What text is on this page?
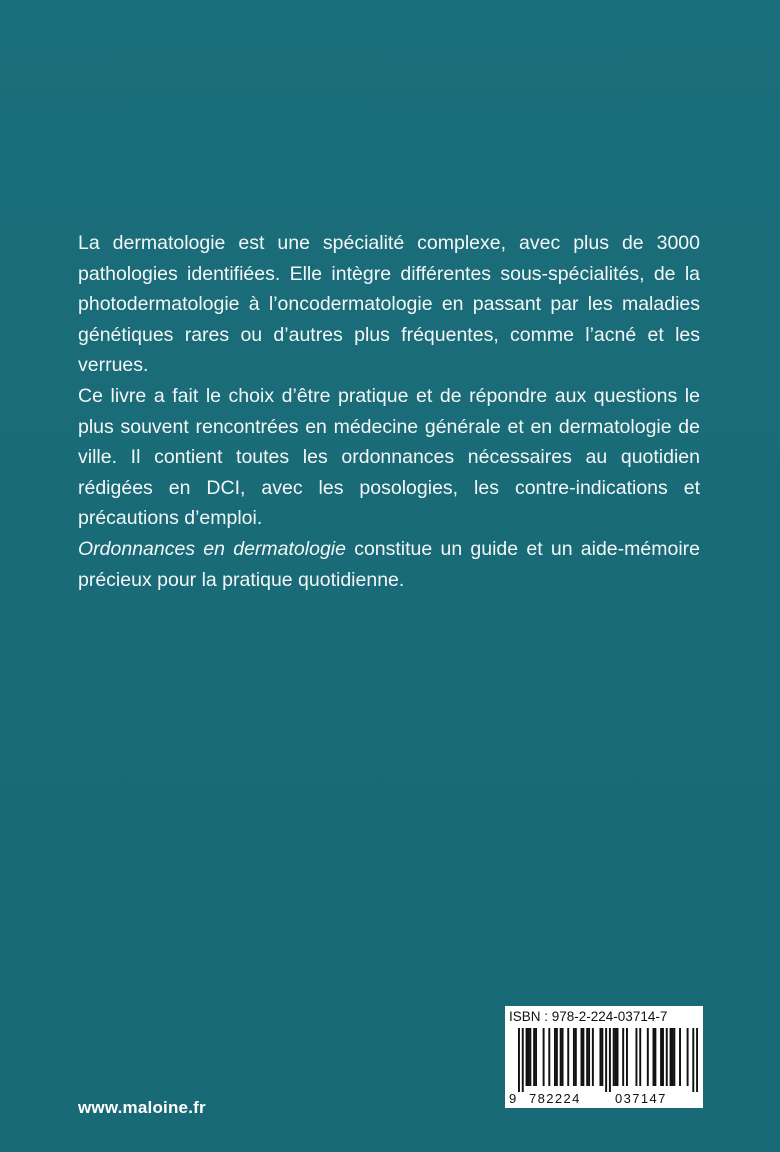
La dermatologie est une spécialité complexe, avec plus de 3000 pathologies identifiées. Elle intègre différentes sous-spécialités, de la photodermatologie à l’oncodermatologie en passant par les maladies génétiques rares ou d’autres plus fréquentes, comme l’acné et les verrues.

Ce livre a fait le choix d’être pratique et de répondre aux questions le plus souvent rencontrées en médecine générale et en dermatologie de ville. Il contient toutes les ordonnances nécessaires au quotidien rédigées en DCI, avec les posologies, les contre-indications et précautions d’emploi.

Ordonnances en dermatologie constitue un guide et un aide-mémoire précieux pour la pratique quotidienne.

www.maloine.fr
ISBN : 978-2-224-03714-7
9 782224	037147
